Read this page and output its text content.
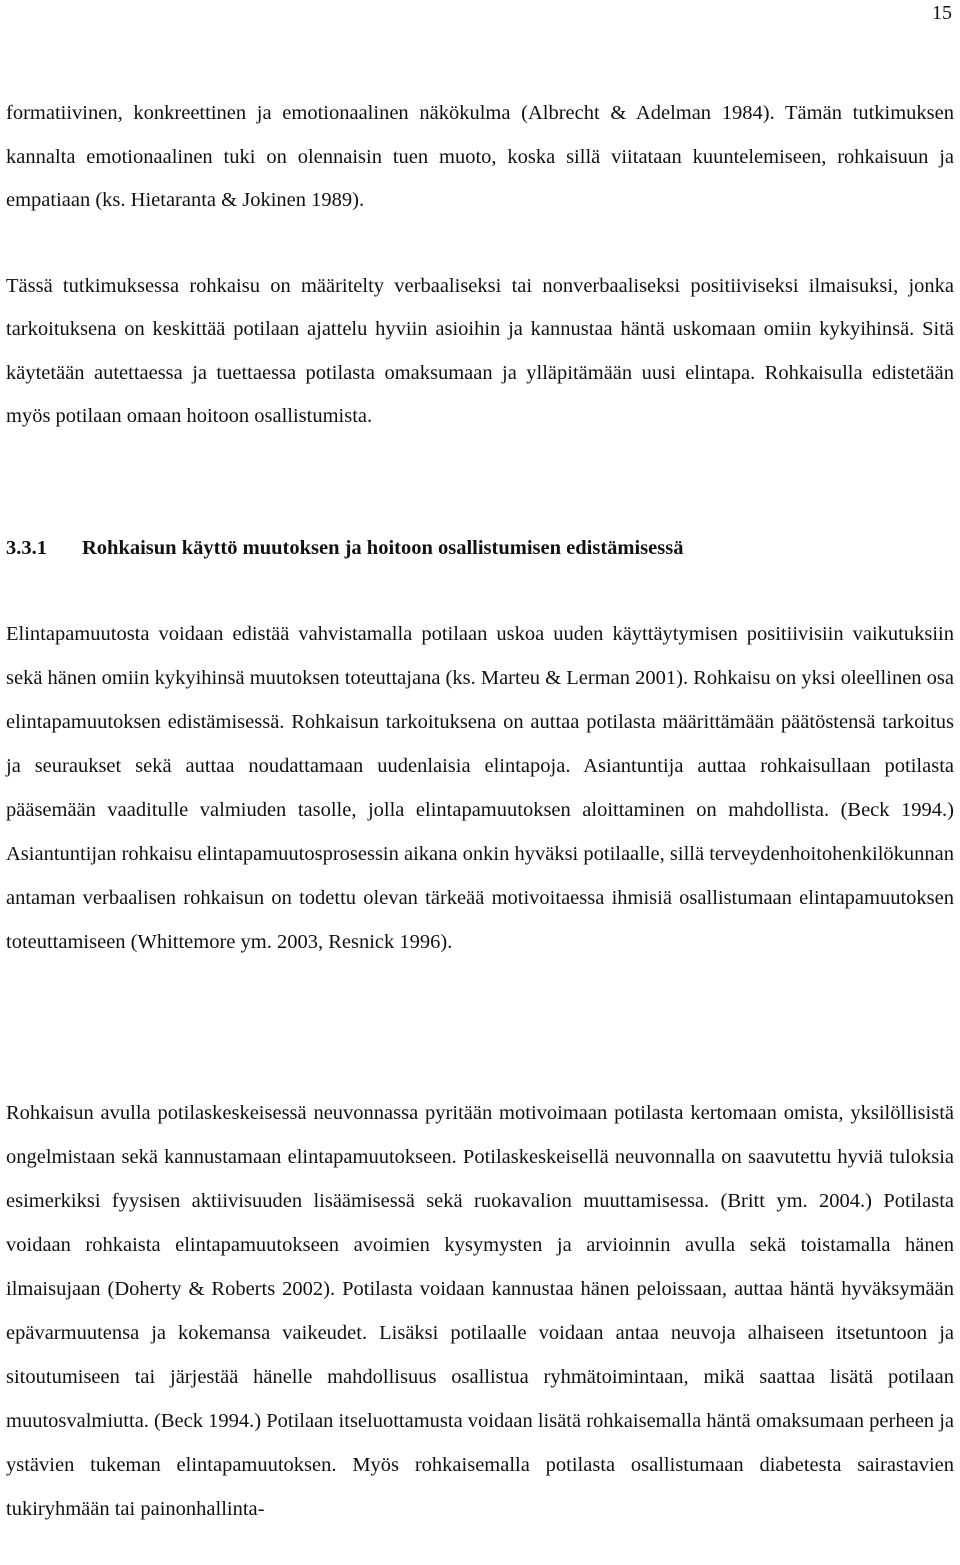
15

formatiivinen, konkreettinen ja emotionaalinen näkökulma (Albrecht & Adelman 1984). Tämän tutkimuksen kannalta emotionaalinen tuki on olennaisin tuen muoto, koska sillä viitataan kuuntelemiseen, rohkaisuun ja empatiaan (ks. Hietaranta & Jokinen 1989).

Tässä tutkimuksessa rohkaisu on määritelty verbaaliseksi tai nonverbaaliseksi positiiviseksi ilmaisuksi, jonka tarkoituksena on keskittää potilaan ajattelu hyviin asioihin ja kannustaa häntä uskomaan omiin kykyihinsä. Sitä käytetään autettaessa ja tuettaessa potilasta omaksumaan ja ylläpitämään uusi elintapa. Rohkaisulla edistetään myös potilaan omaan hoitoon osallistumista.

3.3.1 Rohkaisun käyttö muutoksen ja hoitoon osallistumisen edistämisessä

Elintapamuutosta voidaan edistää vahvistamalla potilaan uskoa uuden käyttäytymisen positiivisiin vaikutuksiin sekä hänen omiin kykyihinsä muutoksen toteuttajana (ks. Marteu & Lerman 2001). Rohkaisu on yksi oleellinen osa elintapamuutoksen edistämisessä. Rohkaisun tarkoituksena on auttaa potilasta määrittämään päätöstensä tarkoitus ja seuraukset sekä auttaa noudattamaan uudenlaisia elintapoja. Asiantuntija auttaa rohkaisullaan potilasta pääsemään vaaditulle valmiuden tasolle, jolla elintapamuutoksen aloittaminen on mahdollista. (Beck 1994.) Asiantuntijan rohkaisu elintapamuutosprosessin aikana onkin hyväksi potilaalle, sillä terveydenhoitohenkilökunnan antaman verbaalisen rohkaisun on todettu olevan tärkeää motivoitaessa ihmisiä osallistumaan elintapamuutoksen toteuttamiseen (Whittemore ym. 2003, Resnick 1996).

Rohkaisun avulla potilaskeskeisessä neuvonnassa pyritään motivoimaan potilasta kertomaan omista, yksilöllisistä ongelmistaan sekä kannustamaan elintapamuutokseen. Potilaskeskeisellä neuvonnalla on saavutettu hyviä tuloksia esimerkiksi fyysisen aktiivisuuden lisäämisessä sekä ruokavalion muuttamisessa. (Britt ym. 2004.) Potilasta voidaan rohkaista elintapamuutokseen avoimien kysymysten ja arvioinnin avulla sekä toistamalla hänen ilmaisujaan (Doherty & Roberts 2002). Potilasta voidaan kannustaa hänen peloissaan, auttaa häntä hyväksymään epävarmuutensa ja kokemansa vaikeudet. Lisäksi potilaalle voidaan antaa neuvoja alhaiseen itsetuntoon ja sitoutumiseen tai järjestää hänelle mahdollisuus osallistua ryhmätoimintaan, mikä saattaa lisätä potilaan muutosvalmiutta. (Beck 1994.) Potilaan itseluottamusta voidaan lisätä rohkaisemalla häntä omaksumaan perheen ja ystävien tukeman elintapamuutoksen. Myös rohkaisemalla potilasta osallistumaan diabetesta sairastavien tukiryhmään tai painonhallinta-
